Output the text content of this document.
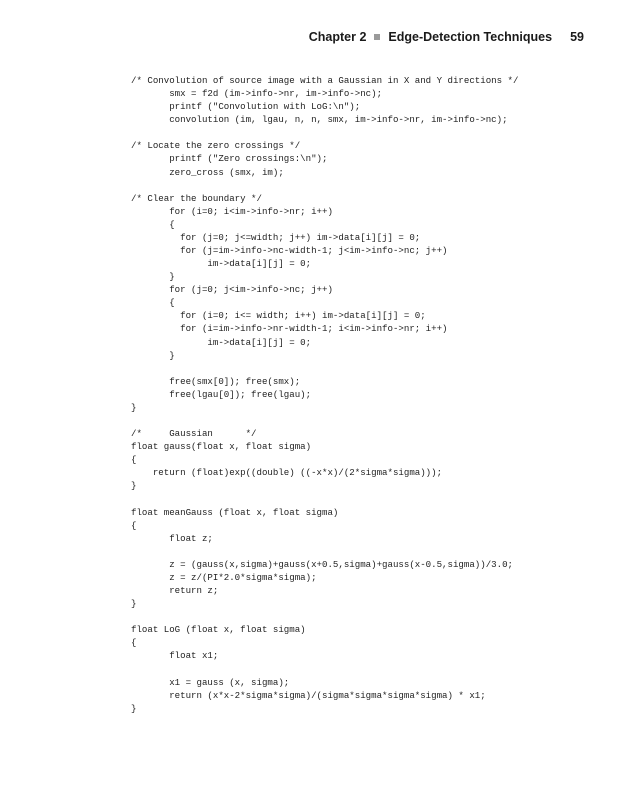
Chapter 2 Edge-Detection Techniques 59
/* Convolution of source image with a Gaussian in X and Y directions */
smx = f2d (im->info->nr, im->info->nc);
printf ("Convolution with LoG:\n");
convolution (im, lgau, n, n, smx, im->info->nr, im->info->nc);
/* Locate the zero crossings */
printf ("Zero crossings:\n");
zero_cross (smx, im);
/* Clear the boundary */
for (i=0; i<im->info->nr; i++)
{
for (j=0; j<=width; j++) im->data[i][j] = 0;
for (j=im->info->nc-width-1; j<im->info->nc; j++)
im->data[i][j] = 0;
}
for (j=0; j<im->info->nc; j++)
{
for (i=0; i<= width; i++) im->data[i][j] = 0;
for (i=im->info->nr-width-1; i<im->info->nr; i++)
im->data[i][j] = 0;
}
free(smx[0]); free(smx);
free(lgau[0]); free(lgau);
}
/*     Gaussian      */
float gauss(float x, float sigma)
{
return (float)exp((double) ((-x*x)/(2*sigma*sigma)));
}
float meanGauss (float x, float sigma)
{
float z;
z = (gauss(x,sigma)+gauss(x+0.5,sigma)+gauss(x-0.5,sigma))/3.0;
z = z/(PI*2.0*sigma*sigma);
return z;
}
float LoG (float x, float sigma)
{
float x1;
x1 = gauss (x, sigma);
return (x*x-2*sigma*sigma)/(sigma*sigma*sigma*sigma) * x1;
}
